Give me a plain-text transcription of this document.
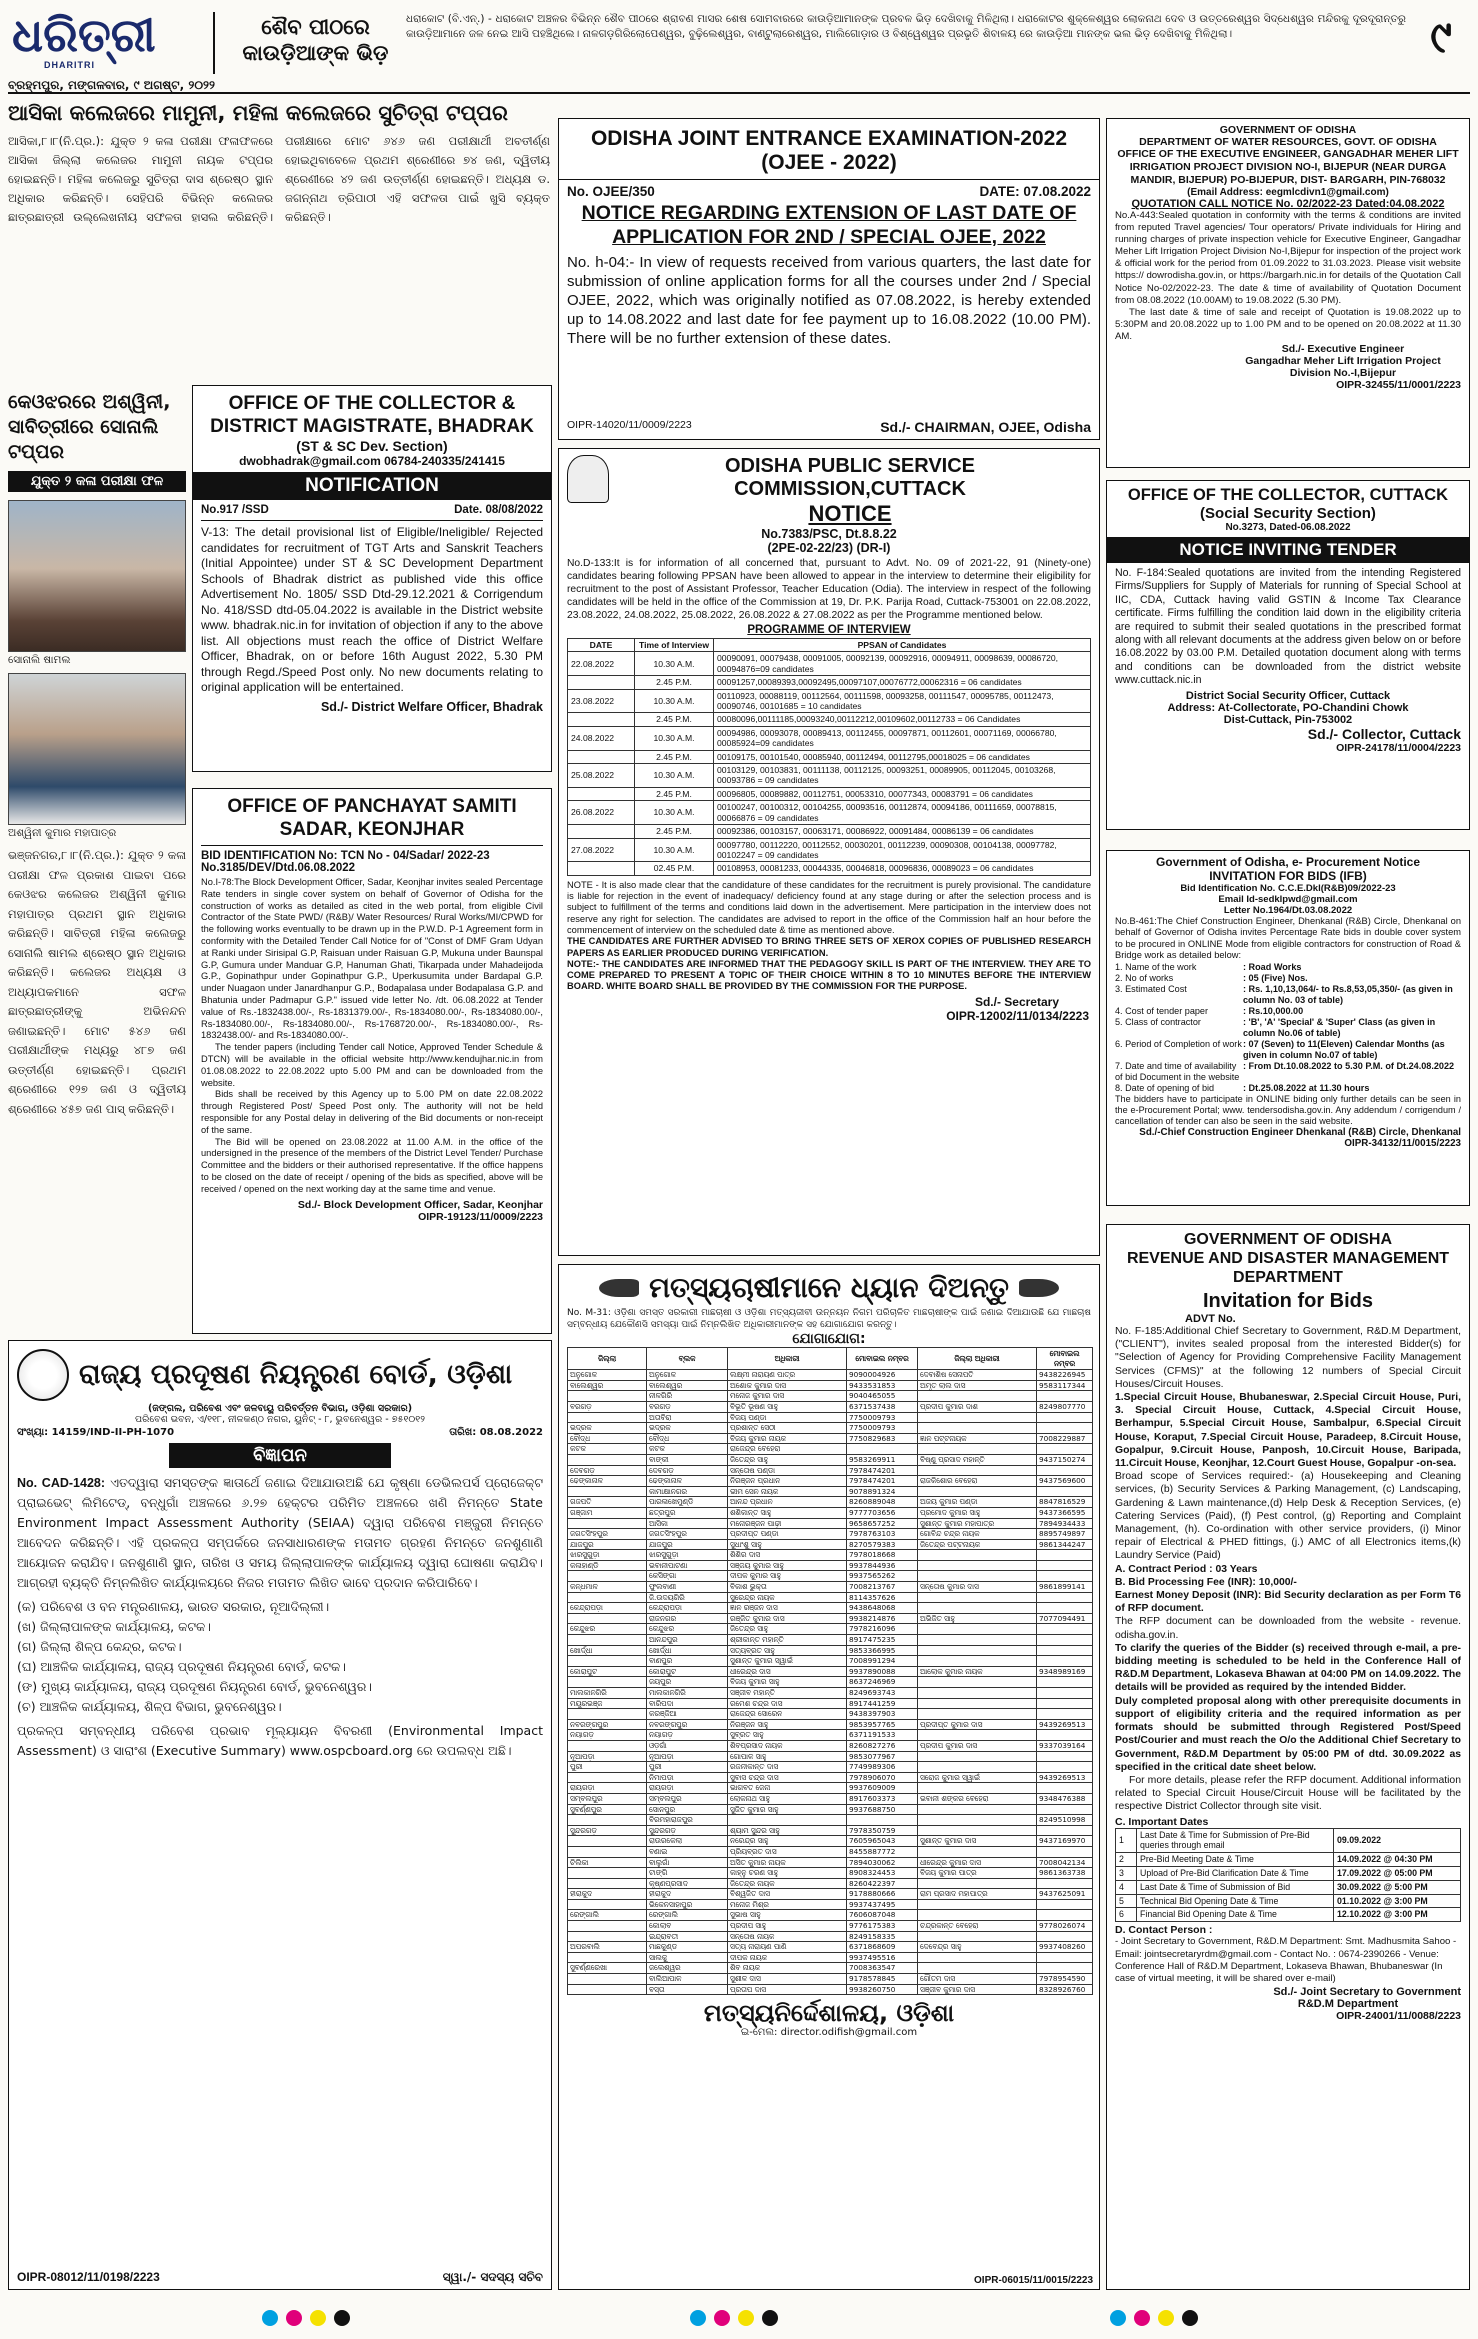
ଧରିତ୍ରୀ
DHARITRI
ଶୈବ ପୀଠରେ
କାଉଡ଼ିଆଙ୍କ ଭିଡ଼
ଧରାକୋଟ (ବି.ଏନ୍.) - ଧରାକୋଟ ଅଞ୍ଚଳର ବିଭିନ୍ନ ଶୈବ ପୀଠରେ ଶ୍ରାବଣ ମାସର ଶେଷ ସୋମବାରରେ କାଉଡ଼ିଆମାନଙ୍କ ପ୍ରବଳ ଭିଡ଼ ଦେଖିବାକୁ ମିଳିଥିଲା। ଧରାକୋଟର ଶୁକ୍ଳେଶ୍ୱର ଲୋକନାଥ ଦେବ ଓ ଉତ୍ତରେଶ୍ୱର ସିଦ୍ଧେଶ୍ୱର ମନ୍ଦିରକୁ ଦୂରଦୂରାନ୍ତରୁ କାଉଡ଼ିଆମାନେ ଜଳ ନେଇ ଆସି ପହଞ୍ଚିଥିଲେ। ନାଳଗଡ଼ଗିରିଲୋପେଶ୍ୱର, ବୁଢ଼ିଲେଶ୍ୱର, ବାଣ୍ଟୁଲାରେଶ୍ୱର, ମାଲିଗୋଡ଼ାର ଓ ବିଶ୍ୱେଶ୍ୱର ପ୍ରଭୃତି ଶିବାଳୟ ରେ କାଉଡ଼ିଆ ମାନଙ୍କ ଭଲ ଭିଡ଼ ଦେଖିବାକୁ ମିଳିଥିଲା।	୯
ବ୍ରହ୍ମପୁର, ମଙ୍ଗଳବାର, ୯ ଅଗଷ୍ଟ, ୨୦୨୨
ଆସିକା କଲେଜରେ ମାମୁନୀ, ମହିଳା କଲେଜରେ ସୁଚିତ୍ରା ଟପ୍ପର
ଆସିକା,୮।୮(ନି.ପ୍ର.): ଯୁକ୍ତ ୨ କଳା ପରୀକ୍ଷା ଫଳାଫଳରେ ଆସିକା ଜିଲ୍ଲା କଲେଜର ମାମୁନୀ ନାୟକ ଟପ୍ପର ହୋଇଛନ୍ତି। ମହିଳା କଲେଜରୁ ସୁଚିତ୍ରା ଦାସ ଶ୍ରେଷ୍ଠ ସ୍ଥାନ ଅଧିକାର କରିଛନ୍ତି। ସେହିପରି ବିଭିନ୍ନ କଲେଜର ଛାତ୍ରଛାତ୍ରୀ ଉଲ୍ଲେଖନୀୟ ସଫଳତା ହାସଲ କରିଛନ୍ତି। ପରୀକ୍ଷାରେ ମୋଟ ୬୪୬ ଜଣ ପରୀକ୍ଷାର୍ଥୀ ଅବତୀର୍ଣ୍ଣ ହୋଇଥିବାବେଳେ ପ୍ରଥମ ଶ୍ରେଣୀରେ ୭୪ ଜଣ, ଦ୍ୱିତୀୟ ଶ୍ରେଣୀରେ ୪୨ ଜଣ ଉତ୍ତୀର୍ଣ୍ଣ ହୋଇଛନ୍ତି। ଅଧ୍ୟକ୍ଷ ଡ. ଜଗନ୍ନାଥ ତ୍ରିପାଠୀ ଏହି ସଫଳତା ପାଇଁ ଖୁସି ବ୍ୟକ୍ତ କରିଛନ୍ତି।
କେଓଝରରେ ଅଶ୍ୱିନୀ, ସାବିତ୍ରୀରେ ସୋନାଲି ଟପ୍ପର
ଯୁକ୍ତ ୨ କଳା ପରୀକ୍ଷା ଫଳ
ସୋନାଲି ଷାମଲ
ଅଶ୍ୱିନୀ କୁମାର ମହାପାତ୍ର
ଭଞ୍ଜନଗର,୮।୮(ନି.ପ୍ର.): ଯୁକ୍ତ ୨ କଳା ପରୀକ୍ଷା ଫଳ ପ୍ରକାଶ ପାଇବା ପରେ କେଓଝର କଲେଜର ଅଶ୍ୱିନୀ କୁମାର ମହାପାତ୍ର ପ୍ରଥମ ସ୍ଥାନ ଅଧିକାର କରିଛନ୍ତି। ସାବିତ୍ରୀ ମହିଳା କଲେଜରୁ ସୋନାଲି ଷାମଲ ଶ୍ରେଷ୍ଠ ସ୍ଥାନ ଅଧିକାର କରିଛନ୍ତି। କଲେଜର ଅଧ୍ୟକ୍ଷ ଓ ଅଧ୍ୟାପକମାନେ ସଫଳ ଛାତ୍ରଛାତ୍ରୀଙ୍କୁ ଅଭିନନ୍ଦନ ଜଣାଇଛନ୍ତି। ମୋଟ ୫୪୬ ଜଣ ପରୀକ୍ଷାର୍ଥୀଙ୍କ ମଧ୍ୟରୁ ୪୮୭ ଜଣ ଉତ୍ତୀର୍ଣ୍ଣ ହୋଇଛନ୍ତି। ପ୍ରଥମ ଶ୍ରେଣୀରେ ୧୨୭ ଜଣ ଓ ଦ୍ୱିତୀୟ ଶ୍ରେଣୀରେ ୪୫୭ ଜଣ ପାସ୍ କରିଛନ୍ତି।
OFFICE OF THE COLLECTOR & DISTRICT MAGISTRATE, BHADRAK
(ST & SC Dev. Section)
dwobhadrak@gmail.com 06784-240335/241415
NOTIFICATION
No.917 /SSD	Date. 08/08/2022
V-13: The detail provisional list of Eligible/Ineligible/ Rejected candidates for recruitment of TGT Arts and Sanskrit Teachers (Initial Appointee) under ST & SC Development Department Schools of Bhadrak district as published vide this office Advertisement No. 1805/ SSD Dtd-29.12.2021 & Corrigendum No. 418/SSD dtd-05.04.2022 is available in the District website www. bhadrak.nic.in for invitation of objection if any to the above list. All objections must reach the office of District Welfare Officer, Bhadrak, on or before 16th August 2022, 5.30 PM through Regd./Speed Post only. No new documents relating to original application will be entertained.
Sd./- District Welfare Officer, Bhadrak
OFFICE OF PANCHAYAT SAMITI SADAR, KEONJHAR
BID IDENTIFICATION No: TCN No - 04/Sadar/ 2022-23
No.3185/DEV/Dtd.06.08.2022
No.I-78:The Block Development Officer, Sadar, Keonjhar invites sealed Percentage Rate tenders in single cover system on behalf of Governor of Odisha for the construction of works as detailed as cited in the web portal, from eligible Civil Contractor of the State PWD/ (R&B)/ Water Resources/ Rural Works/MI/CPWD for the following works eventually to be drawn up in the P.W.D. P-1 Agreement form in conformity with the Detailed Tender Call Notice for of "Const of DMF Gram Udyan at Ranki under Sirisipal G.P, Raisuan under Raisuan G.P, Mukuna under Baunspal G.P, Gumura under Manduar G.P, Hanuman Ghati, Tikarpada under Mahadeijoda G.P., Gopinathpur under Gopinathpur G.P., Uperkusumita under Bardapal G.P. under Nuagaon under Janardhanpur G.P., Bodapalasa under Bodapalasa G.P. and Bhatunia under Padmapur G.P." issued vide letter No. /dt. 06.08.2022 at Tender value of Rs.-1832438.00/-, Rs-1831379.00/-, Rs-1834080.00/-, Rs-1834080.00/-, Rs-1834080.00/-, Rs-1834080.00/-, Rs-1768720.00/-, Rs-1834080.00/-, Rs-1832438.00/- and Rs-1834080.00/-.
The tender papers (including Tender call Notice, Approved Tender Schedule & DTCN) will be available in the official website http://www.kendujhar.nic.in from 01.08.08.2022 to 22.08.2022 upto 5.00 PM and can be downloaded from the website.
Bids shall be received by this Agency up to 5.00 PM on date 22.08.2022 through Registered Post/ Speed Post only. The authority will not be held responsible for any Postal delay in delivering of the Bid documents or non-receipt of the same.
The Bid will be opened on 23.08.2022 at 11.00 A.M. in the office of the undersigned in the presence of the members of the District Level Tender/ Purchase Committee and the bidders or their authorised representative. If the office happens to be closed on the date of receipt / opening of the bids as specified, above will be received / opened on the next working day at the same time and venue.
Sd./- Block Development Officer, Sadar, Keonjhar
OIPR-19123/11/0009/2223
ରାଜ୍ୟ ପ୍ରଦୂଷଣ ନିୟନ୍ତ୍ରଣ ବୋର୍ଡ, ଓଡ଼ିଶା
(ଜଙ୍ଗଲ, ପରିବେଶ ଏବଂ ଜଳବାୟୁ ପରିବର୍ତ୍ତନ ବିଭାଗ, ଓଡ଼ିଶା ସରକାର)
ପରିବେଶ ଭବନ, ଏ/୧୧୮, ନୀଳକଣ୍ଠ ନଗର, ୟୁନିଟ୍ - ୮, ଭୁବନେଶ୍ୱର - ୭୫୧୦୧୨
ସଂଖ୍ୟା: 14159/IND-II-PH-1070	ତାରିଖ: 08.08.2022
ବିଜ୍ଞାପନ
No. CAD-1428: ଏତଦ୍ୱାରା ସମସ୍ତଙ୍କ ଜ୍ଞାତାର୍ଥେ ଜଣାଇ ଦିଆଯାଉଅଛି ଯେ କୃଷ୍ଣା ଡେଭିଲପର୍ସ ପ୍ରୋଜେକ୍ଟ ପ୍ରାଇଭେଟ୍ ଲିମିଟେଡ୍, ବନ୍ଧୁଗାଁ ଅଞ୍ଚଳରେ ୬.୨୭ ହେକ୍ଟର ପରିମିତ ଅଞ୍ଚଳରେ ଖଣି ନିମନ୍ତେ State Environment Impact Assessment Authority (SEIAA) ଦ୍ୱାରା ପରିବେଶ ମଞ୍ଜୁରୀ ନିମନ୍ତେ ଆବେଦନ କରିଛନ୍ତି। ଏହି ପ୍ରକଳ୍ପ ସମ୍ପର୍କରେ ଜନସାଧାରଣଙ୍କ ମତାମତ ଗ୍ରହଣ ନିମନ୍ତେ ଜନଶୁଣାଣି ଆୟୋଜନ କରାଯିବ। ଜନଶୁଣାଣି ସ୍ଥାନ, ତାରିଖ ଓ ସମୟ ଜିଲ୍ଲାପାଳଙ୍କ କାର୍ଯ୍ୟାଳୟ ଦ୍ୱାରା ଘୋଷଣା କରାଯିବ। ଆଗ୍ରହୀ ବ୍ୟକ୍ତି ନିମ୍ନଲିଖିତ କାର୍ଯ୍ୟାଳୟରେ ନିଜର ମତାମତ ଲିଖିତ ଭାବେ ପ୍ରଦାନ କରିପାରିବେ।
(କ) ପରିବେଶ ଓ ବନ ମନ୍ତ୍ରଣାଳୟ, ଭାରତ ସରକାର, ନୂଆଦିଲ୍ଲୀ।
(ଖ) ଜିଲ୍ଲାପାଳଙ୍କ କାର୍ଯ୍ୟାଳୟ, କଟକ।
(ଗ) ଜିଲ୍ଲା ଶିଳ୍ପ କେନ୍ଦ୍ର, କଟକ।
(ଘ) ଆଞ୍ଚଳିକ କାର୍ଯ୍ୟାଳୟ, ରାଜ୍ୟ ପ୍ରଦୂଷଣ ନିୟନ୍ତ୍ରଣ ବୋର୍ଡ, କଟକ।
(ଙ) ମୁଖ୍ୟ କାର୍ଯ୍ୟାଳୟ, ରାଜ୍ୟ ପ୍ରଦୂଷଣ ନିୟନ୍ତ୍ରଣ ବୋର୍ଡ, ଭୁବନେଶ୍ୱର।
(ଚ) ଆଞ୍ଚଳିକ କାର୍ଯ୍ୟାଳୟ, ଶିଳ୍ପ ବିଭାଗ, ଭୁବନେଶ୍ୱର।
ପ୍ରକଳ୍ପ ସମ୍ବନ୍ଧୀୟ ପରିବେଶ ପ୍ରଭାବ ମୂଲ୍ୟାୟନ ବିବରଣୀ (Environmental Impact Assessment) ଓ ସାରାଂଶ (Executive Summary) www.ospcboard.org ରେ ଉପଲବ୍ଧ ଅଛି।
OIPR-08012/11/0198/2223	ସ୍ୱା./- ସଦସ୍ୟ ସଚିବ
ODISHA JOINT ENTRANCE EXAMINATION-2022
(OJEE - 2022)
No. OJEE/350	DATE: 07.08.2022
NOTICE REGARDING EXTENSION OF LAST DATE OF APPLICATION FOR 2ND / SPECIAL OJEE, 2022
No. h-04:- In view of requests received from various quarters, the last date for submission of online application forms for all the courses under 2nd / Special OJEE, 2022, which was originally notified as 07.08.2022, is hereby extended up to 14.08.2022 and last date for fee payment up to 16.08.2022 (10.00 PM). There will be no further extension of these dates.
OIPR-14020/11/0009/2223	Sd./- CHAIRMAN, OJEE, Odisha
ODISHA PUBLIC SERVICE COMMISSION,CUTTACK
NOTICE
No.7383/PSC, Dt.8.8.22
(2PE-02-22/23) (DR-I)
No.D-133:It is for information of all concerned that, pursuant to Advt. No. 09 of 2021-22, 91 (Ninety-one) candidates bearing following PPSAN have been allowed to appear in the interview to determine their eligibility for recruitment to the post of Assistant Professor, Teacher Education (Odia). The interview in respect of the following candidates will be held in the office of the Commission at 19, Dr. P.K. Parija Road, Cuttack-753001 on 22.08.2022, 23.08.2022, 24.08.2022, 25.08.2022, 26.08.2022 & 27.08.2022 as per the Programme mentioned below.
PROGRAMME OF INTERVIEW
DATE	Time of Interview	PPSAN of Candidates
22.08.2022	10.30 A.M.	00090091, 00079438, 00091005, 00092139, 00092916, 00094911, 00098639, 00086720, 00094876=09 candidates
	2.45 P.M.	00091257,00089393,00092495,00097107,00076772,00062316 = 06 candidates
23.08.2022	10.30 A.M.	00110923, 00088119, 00112564, 00111598, 00093258, 00111547, 00095785, 00112473, 00090746, 00101685 = 10 candidates
	2.45 P.M.	00080096,00111185,00093240,00112212,00109602,00112733 = 06 Candidates
24.08.2022	10.30 A.M.	00094986, 00093078, 00089413, 00112455, 00097871, 00112601, 00071169, 00066780, 00085924=09 candidates
	2.45 P.M.	00109175, 00101540, 00085940, 00112494, 00112795,00018025 = 06 candidates
25.08.2022	10.30 A.M.	00103129, 00103831, 00111138, 00112125, 00093251, 00089905, 00112045, 00103268, 00093786 = 09 candidates
	2.45 P.M.	00096805, 00089882, 00112751, 00053310, 00077343, 00083791 = 06 candidates
26.08.2022	10.30 A.M.	00100247, 00100312, 00104255, 00093516, 00112874, 00094186, 00111659, 00078815, 00066876 = 09 candidates
	2.45 P.M.	00092386, 00103157, 00063171, 00086922, 00091484, 00086139 = 06 candidates
27.08.2022	10.30 A.M.	00097780, 00112220, 00112552, 00030201, 00112239, 00090308, 00104138, 00097782, 00102247 = 09 candidates
	02.45 P.M.	00108953, 00081233, 00044335, 00046818, 00096836, 00089023 = 06 candidates
NOTE - It is also made clear that the candidature of these candidates for the recruitment is purely provisional. The candidature is liable for rejection in the event of inadequacy/ deficiency found at any stage during or after the selection process and is subject to fulfillment of the terms and conditions laid down in the advertisement. Mere participation in the interview does not reserve any right for selection. The candidates are advised to report in the office of the Commission half an hour before the commencement of interview on the scheduled date & time as mentioned above.
THE CANDIDATES ARE FURTHER ADVISED TO BRING THREE SETS OF XEROX COPIES OF PUBLISHED RESEARCH PAPERS AS EARLIER PRODUCED DURING VERIFICATION.
NOTE:- THE CANDIDATES ARE INFORMED THAT THE PEDAGOGY SKILL IS PART OF THE INTERVIEW. THEY ARE TO COME PREPARED TO PRESENT A TOPIC OF THEIR CHOICE WITHIN 8 TO 10 MINUTES BEFORE THE INTERVIEW BOARD. WHITE BOARD SHALL BE PROVIDED BY THE COMMISSION FOR THE PURPOSE.
Sd./- Secretary
OIPR-12002/11/0134/2223
ମତ୍ସ୍ୟଚାଷୀମାନେ ଧ୍ୟାନ ଦିଅନ୍ତୁ
No. M-31: ଓଡ଼ିଶା ସମସ୍ତ ସରକାରୀ ମାଛଚାଷୀ ଓ ଓଡ଼ିଶା ମତ୍ସ୍ୟଜୀବୀ ଉନ୍ନୟନ ନିଗମ ପରିଚାଳିତ ମାଛଚାଷୀଙ୍କ ପାଇଁ ଜଣାଇ ଦିଆଯାଉଛି ଯେ ମାଛଚାଷ ସମ୍ବନ୍ଧୀୟ ଯେକୌଣସି ସମସ୍ୟା ପାଇଁ ନିମ୍ନଲିଖିତ ଅଧିକାରୀମାନଙ୍କ ସହ ଯୋଗାଯୋଗ କରନ୍ତୁ।
ଯୋଗାଯୋଗ:
ଜିଲ୍ଲା	ବ୍ଲକ	ଅଧିକାରୀ	ମୋବାଇଲ ନମ୍ବର	ଜିଲ୍ଲା ଅଧିକାରୀ	ମୋବାଇଲ ନମ୍ବର
ଅନୁଗୋଳ	ଅନୁଗୋଳ	ଲକ୍ଷ୍ମୀ ନାରାୟଣ ପାତ୍ର	9090004926	ଦେବାଶିଷ ସେନାପତି	9438226945
ବାଲେଶ୍ୱର	ବାଲେଶ୍ୱର	ଅଶୋକ କୁମାର ଦାସ	9433531853	ଅମୃତ ଲାଲ ଦାସ	9583117344
	ନୀଳଗିରି	ମନୋଜ କୁମାର ଦାସ	9040465055		
ବରଗଡ଼	ବରଗଡ଼	ବିଭୂତି ଭୂଷଣ ସାହୁ	6371537438	ପ୍ରଦୀପ କୁମାର ଦାଶ	8249807770
	ଅତାବିରା	ବିଜୟ ପଣ୍ଡା	7750009793		
ଭଦ୍ରକ	ଭଦ୍ରକ	ପ୍ରଶାନ୍ତ ସେଠୀ	7750009793		
ବୌଦ୍ଧ	ବୌଦ୍ଧ	ବିଜୟ କୁମାର ନାୟକ	7750829683	ଜ୍ଞାନ ପଟ୍ଟନାୟକ	7008229887
କଟକ	କଟକ	ରାଜେନ୍ଦ୍ର ବେହେରା			
	ବାଙ୍କୀ	ଜିତେନ୍ଦ୍ର ସାହୁ	9583269911	ବିଷ୍ଣୁ ପ୍ରସାଦ ମହାନ୍ତି	9437150274
ଦେବଗଡ଼	ଦେବଗଡ଼	ସନ୍ତୋଷ ପଣ୍ଡା	7978474201		
ଢେଙ୍କାନାଳ	ଢେଙ୍କାନାଳ	ନିରଞ୍ଜନ ପ୍ରଧାନ	7978474201	ରାଜକିଶୋର ବେହେରା	9437569600
	କାମାକ୍ଷାନଗର	ଭୀମ ସେନ ନାୟକ	9078891324		
ଗଜପତି	ପାରଳାଖେମୁଣ୍ଡି	ଆନନ୍ଦ ପ୍ରଧାନ	8260889048	ଅଜୟ କୁମାର ପଣ୍ଡା	8847816529
ଗଞ୍ଜାମ	ଛତ୍ରପୁର	ଶଶିକାନ୍ତ ସାହୁ	9777703656	ପ୍ରମୋଦ କୁମାର ସାହୁ	9437366595
	ଆସିକା	ମନୋରଞ୍ଜନ ପାଢ଼ୀ	9658657252	ସୁଶାନ୍ତ କୁମାର ମହାପାତ୍ର	7894934433
ଜଗତସିଂହପୁର	ଜଗତସିଂହପୁର	ପ୍ରଦୀପ୍ତ ପଣ୍ଡା	7978763103	ଗୋବିନ୍ଦ ଚନ୍ଦ୍ର ନାୟକ	8895749897
ଯାଜପୁର	ଯାଜପୁର	ସୁଧାଂଶୁ ସାହୁ	8270579383	ଜିତେନ୍ଦ୍ର ପଟ୍ଟନାୟକ	9861344247
ଝାରସୁଗୁଡ଼ା	ଝାରସୁଗୁଡ଼ା	ଶିଶିର ଦାସ	7978018668		
କଳାହାଣ୍ଡି	ଭବାନୀପାଟଣା	ସଞ୍ଜୟ କୁମାର ସାହୁ	9937844936		
	କେସିଙ୍ଗା	ଦୀପକ କୁମାର ସାହୁ	9937565262		
କନ୍ଧମାଳ	ଫୁଲବାଣୀ	ବିକାଶ ଭୁକ୍ତା	7008213767	ସନ୍ତୋଷ କୁମାର ଦାସ	9861899141
	ଜି.ଉଦୟଗିରି	ସୁରେନ୍ଦ୍ର ନାୟକ	8114357626		
କେନ୍ଦ୍ରାପଡ଼ା	କେନ୍ଦ୍ରାପଡ଼ା	ଜ୍ଞାନ ରଞ୍ଜନ ଦାସ	9438648068		
	ରାଜନଗର	ରଞ୍ଜିତ କୁମାର ଦାସ	9938214876	ଅଭିଜିତ ସାହୁ	7077094491
କେନ୍ଦୁଝର	କେନ୍ଦୁଝର	ଜିତେନ୍ଦ୍ର ସାହୁ	7978216096		
	ଆନନ୍ଦପୁର	ଶ୍ରୀକାନ୍ତ ମହାନ୍ତି	8917475235		
ଖୋର୍ଦ୍ଧା	ଖୋର୍ଦ୍ଧା	ସତ୍ୟବ୍ରତ ସାହୁ	9853366995		
	ବାଣପୁର	ସୁଶାନ୍ତ କୁମାର ସ୍ୱାଇଁ	7008991294		
କୋରାପୁଟ	କୋରାପୁଟ	ଧୀରେନ୍ଦ୍ର ଦାସ	9937890088	ଆଲୋକ କୁମାର ନାୟକ	9348989169
	ଜୟପୁର	ବିଜୟ କୁମାର ସାହୁ	8637246969		
ମାଲକାନଗିରି	ମାଲକାନଗିରି	ସଞ୍ଜୀବ ମହାନ୍ତି	8249693743		
ମୟୂରଭଞ୍ଜ	ବାରିପଦା	ରମେଶ ଚନ୍ଦ୍ର ଦାସ	8917441259		
	କରଞ୍ଜିଆ	ରାଜେନ୍ଦ୍ର ସୋରେନ	9438397903		
ନବରଙ୍ଗପୁର	ନବରଙ୍ଗପୁର	ନିରଞ୍ଜନ ସାହୁ	9853957765	ପ୍ରଦୀପ୍ତ କୁମାର ଦାସ	9439269513
ନୟାଗଡ଼	ନୟାଗଡ଼	ସୁବ୍ରତ ସାହୁ	6371191533		
	ଓଡ଼ଗାଁ	ଶିବପ୍ରସାଦ ନାୟକ	8260827276	ପ୍ରଦୀପ କୁମାର ଦାସ	9337039164
ନୂଆପଡ଼ା	ନୂଆପଡ଼ା	ଗୋପାଳ ସାହୁ	9853077967		
ପୁରୀ	ପୁରୀ	ରଜନୀକାନ୍ତ ଦାସ	7749989306		
	ନିମାପଡ଼ା	ସୁବାସ ଚନ୍ଦ୍ର ଦାସ	7978906070	ସରୋଜ କୁମାର ସ୍ୱାଇଁ	9439269513
ରାୟଗଡ଼ା	ରାୟଗଡ଼ା	ଭାଗବତ ଜେନା	9937609009		
ସମ୍ବଲପୁର	ସମ୍ବଲପୁର	ଲୋକନାଥ ସାହୁ	8917603373	ଭବାନୀ ଶଙ୍କର ବେହେରା	9348476388
ସୁବର୍ଣ୍ଣପୁର	ସୋନପୁର	ସୁଜିତ କୁମାର ସାହୁ	9937688750		
	ବିରମହାରାଜପୁର				8249510998
ସୁନ୍ଦରଗଡ଼	ସୁନ୍ଦରଗଡ଼	ଶ୍ୟାମ ସୁନ୍ଦର ସାହୁ	7978350759		
	ରାଉରକେଲା	ନରେନ୍ଦ୍ର ସାହୁ	7605965043	ସୁଶାନ୍ତ କୁମାର ଦାସ	9437169970
	ବଣାଇ	ପ୍ରିୟବ୍ରତ ଦାସ	8455887772		
ଚିଲିକା	ବାଲୁଗାଁ	ଅସିତ କୁମାର ନାୟକ	7894030062	ଧୀରେନ୍ଦ୍ର କୁମାର ଦାସ	7008042134
	ଟାଙ୍ଗି	କାହ୍ନୁ ଚରଣ ସାହୁ	8908324453	ବିଜୟ କୁମାର ପାତ୍ର	9861363738
	କୃଷ୍ଣପ୍ରସାଦ	ଜିତେନ୍ଦ୍ର ନାୟକ	8260422397		
ହୀରାକୁଦ	ହୀରାକୁଦ	ବିଶ୍ୱଜିତ ଦାସ	9178880666	ରାମ ପ୍ରସାଦ ମହାପାତ୍ର	9437625091
	ଭିକେନସାହାପୁର	ମନୋଜ ମିଶ୍ର	9937437495		
ରେଙ୍ଗାଲି	ରେଙ୍ଗାଲି	ସୁଭାଷ ସାହୁ	7606087048		
	କୋଲାବ	ପ୍ରଦୀପ ସାହୁ	9776175383	ଚନ୍ଦ୍ରକାନ୍ତ ବେହେରା	9778026074
	ଇନ୍ଦ୍ରାବତୀ	ସନ୍ତୋଷ ନାୟକ	8249158335		
ଅପରବାଲି	ମାଛକୁଣ୍ଡ	ସତ୍ୟ ନାରାୟଣ ପାଣି	6371868609	ଦେବେନ୍ଦ୍ର ସାହୁ	9937408260
	ସାଲକୁ	ଦୀପକ ନାୟକ	9937495516		
ସୁବର୍ଣ୍ଣରେଖା	ଜଲେଶ୍ୱର	ଶିବ ନାୟକ	7008363547		
	ବାଲିଆପାଳ	ସୁଶୀଳ ଦାସ	9178578845	ଗୌତମ ଦାସ	7978954590
	ବସ୍ତା	ପ୍ରତାପ ଦାସ	9938260750	ସଞ୍ଜୀବ କୁମାର ଦାସ	8328926760
ମତ୍ସ୍ୟନିର୍ଦ୍ଦେଶାଳୟ, ଓଡ଼ିଶା
ଇ-ମେଲ: director.odifish@gmail.com
OIPR-06015/11/0015/2223
GOVERNMENT OF ODISHA
DEPARTMENT OF WATER RESOURCES, GOVT. OF ODISHA
OFFICE OF THE EXECUTIVE ENGINEER, GANGADHAR MEHER LIFT IRRIGATION PROJECT DIVISION NO-I, BIJEPUR (NEAR DURGA MANDIR, BIJEPUR) PO-BIJEPUR, DIST- BARGARH, PIN-768032
(Email Address: eegmlcdivn1@gmail.com)
QUOTATION CALL NOTICE No. 02/2022-23 Dated:04.08.2022
No.A-443:Sealed quotation in conformity with the terms & conditions are invited from reputed Travel agencies/ Tour operators/ Private individuals for Hiring and running charges of private inspection vehicle for Executive Engineer, Gangadhar Meher Lift Irrigation Project Division No-I,Bijepur for inspection of the project work & official work for the period from 01.09.2022 to 31.03.2023. Please visit website https:// dowrodisha.gov.in, or https://bargarh.nic.in for details of the Quotation Call Notice No-02/2022-23. The date & time of availability of Quotation Document from 08.08.2022 (10.00AM) to 19.08.2022 (5.30 PM).
The last date & time of sale and receipt of Quotation is 19.08.2022 up to 5:30PM and 20.08.2022 up to 1.00 PM and to be opened on 20.08.2022 at 11.30 AM.
Sd./- Executive Engineer
Gangadhar Meher Lift Irrigation Project Division No.-I,Bijepur
OIPR-32455/11/0001/2223
OFFICE OF THE COLLECTOR, CUTTACK
(Social Security Section)
No.3273, Dated-06.08.2022
NOTICE INVITING TENDER
No. F-184:Sealed quotations are invited from the intending Registered Firms/Suppliers for Supply of Materials for running of Special School at IIC, CDA, Cuttack having valid GSTIN & Income Tax Clearance certificate. Firms fulfilling the condition laid down in the eligibility criteria are required to submit their sealed quotations in the prescribed format along with all relevant documents at the address given below on or before 16.08.2022 by 03.00 P.M. Detailed quotation document along with terms and conditions can be downloaded from the district website www.cuttack.nic.in
District Social Security Officer, Cuttack
Address: At-Collectorate, PO-Chandini Chowk
Dist-Cuttack, Pin-753002
Sd./- Collector, Cuttack
OIPR-24178/11/0004/2223
Government of Odisha, e- Procurement Notice
INVITATION FOR BIDS (IFB)
Bid Identification No. C.C.E.Dkl(R&B)09/2022-23
Email Id-sedklpwd@gmail.com
Letter No.1964/Dt.03.08.2022
No.B-461:The Chief Construction Engineer, Dhenkanal (R&B) Circle, Dhenkanal on behalf of Governor of Odisha invites Percentage Rate bids in double cover system to be procured in ONLINE Mode from eligible contractors for construction of Road & Bridge work as detailed below:
1. Name of the work	: Road Works
2. No of works	: 05 (Five) Nos.
3. Estimated Cost	: Rs. 1,10,13,064/- to Rs.8,53,05,350/- (as given in column No. 03 of table)
4. Cost of tender paper	: Rs.10,000.00
5. Class of contractor	: 'B', 'A' 'Special' & 'Super' Class (as given in column No.06 of table)
6. Period of Completion of work : 07 (Seven) to 11(Eleven) Calendar Months (as given in column No.07 of table)
7. Date and time of availability of bid Document in the website
: From Dt.10.08.2022 to 5.30 P.M. of Dt.24.08.2022
8. Date of opening of bid	: Dt.25.08.2022 at 11.30 hours
The bidders have to participate in ONLINE biding only further details can be seen in the e-Procurement Portal; www. tendersodisha.gov.in. Any addendum / corrigendum / cancellation of tender can also be seen in the said website.
Sd./-Chief Construction Engineer Dhenkanal (R&B) Circle, Dhenkanal
OIPR-34132/11/0015/2223
GOVERNMENT OF ODISHA
REVENUE AND DISASTER MANAGEMENT DEPARTMENT
Invitation for Bids
ADVT No.
No. F-185:Additional Chief Secretary to Government, R&D.M Department, ("CLIENT"), invites sealed proposal from the interested Bidder(s) for "Selection of Agency for Providing Comprehensive Facility Management Services (CFMS)" at the following 12 numbers of Special Circuit Houses/Circuit Houses.
1.Special Circuit House, Bhubaneswar, 2.Special Circuit House, Puri, 3. Special Circuit House, Cuttack, 4.Special Circuit House, Berhampur, 5.Special Circuit House, Sambalpur, 6.Special Circuit House, Koraput, 7.Special Circuit House, Paradeep, 8.Circuit House, Gopalpur, 9.Circuit House, Panposh, 10.Circuit House, Baripada, 11.Circuit House, Keonjhar, 12.Court Guest House, Gopalpur -on-sea.
Broad scope of Services required:- (a) Housekeeping and Cleaning services, (b) Security Services & Parking Management, (c) Landscaping, Gardening & Lawn maintenance,(d) Help Desk & Reception Services, (e) Catering Services (Paid), (f) Pest control, (g) Reporting and Complaint Management, (h). Co-ordination with other service providers, (i) Minor repair of Electrical & PHED fittings, (j.) AMC of all Electronics items,(k) Laundry Service (Paid)
A. Contract Period : 03 Years
B. Bid Processing Fee (INR): 10,000/-
Earnest Money Deposit (INR): Bid Security declaration as per Form T6 of RFP document.
The RFP document can be downloaded from the website - revenue. odisha.gov.in.
To clarify the queries of the Bidder (s) received through e-mail, a pre-bidding meeting is scheduled to be held in the Conference Hall of R&D.M Department, Lokaseva Bhawan at 04:00 PM on 14.09.2022. The details will be provided as required by the intended Bidder.
Duly completed proposal along with other prerequisite documents in support of eligibility criteria and the required information as per formats should be submitted through Registered Post/Speed Post/Courier and must reach the O/o the Additional Chief Secretary to Government, R&D.M Department by 05:00 PM of dtd. 30.09.2022 as specified in the critical date sheet below.
For more details, please refer the RFP document. Additional information related to Special Circuit House/Circuit House will be facilitated by the respective District Collector through site visit.
C. Important Dates
1	Last Date & Time for Submission of Pre-Bid queries through email	09.09.2022
2	Pre-Bid Meeting Date & Time	14.09.2022 @ 04:30 PM
3	Upload of Pre-Bid Clarification Date & Time	17.09.2022 @ 05:00 PM
4	Last Date & Time of Submission of Bid	30.09.2022 @ 5:00 PM
5	Technical Bid Opening Date & Time	01.10.2022 @ 3:00 PM
6	Financial Bid Opening Date & Time	12.10.2022 @ 3:00 PM
D. Contact Person :
- Joint Secretary to Government, R&D.M Department: Smt. Madhusmita Sahoo - Email: jointsecretaryrdm@gmail.com - Contact No. : 0674-2390266 - Venue: Conference Hall of R&D.M Department, Lokaseva Bhawan, Bhubaneswar (In case of virtual meeting, it will be shared over e-mail)
Sd./- Joint Secretary to Government
R&D.M Department
OIPR-24001/11/0088/2223
